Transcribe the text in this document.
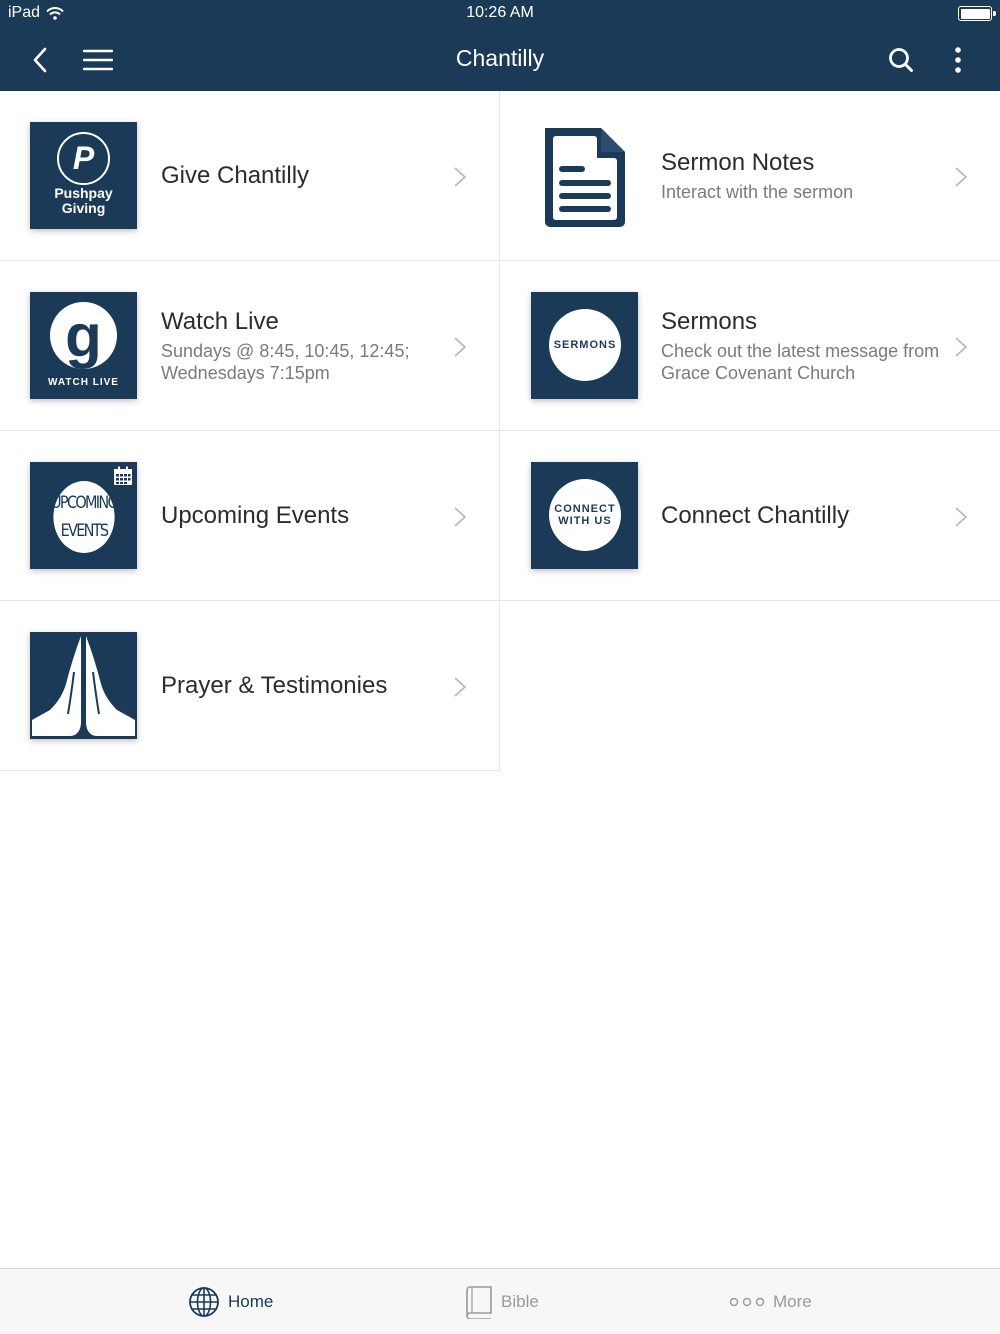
iPad	10:26 AM
Chantilly
P
Pushpay
Giving
Give Chantilly	Sermon Notes
Interact with the sermon
g
WATCH LIVE
Watch Live
Sundays @ 8:45, 10:45, 12:45; Wednesdays 7:15pm
SERMONS
Sermons
Check out the latest message from Grace Covenant Church
UPCOMING
EVENTS
Upcoming Events	CONNECT
WITH US Connect Chantilly
Prayer & Testimonies
Home	Bible	More
